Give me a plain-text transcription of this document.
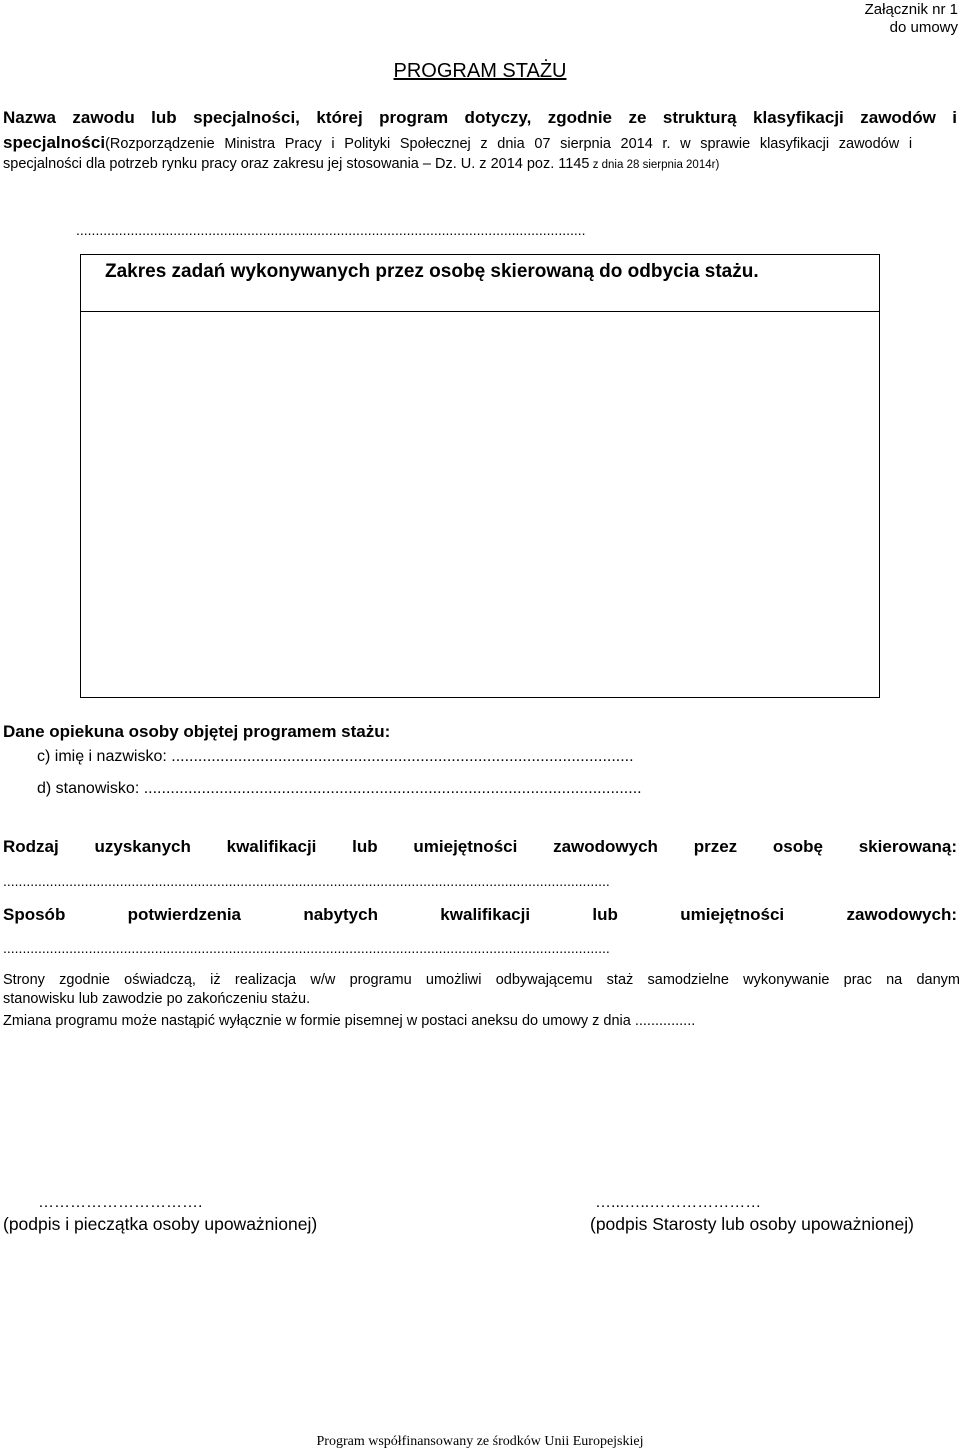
Załącznik nr 1
do umowy
PROGRAM STAŻU
Nazwa zawodu lub specjalności, której program dotyczy, zgodnie ze strukturą klasyfikacji zawodów i
specjalności(Rozporządzenie Ministra Pracy i Polityki Społecznej z dnia 07 sierpnia 2014 r. w sprawie klasyfikacji zawodów i
specjalności dla potrzeb rynku pracy oraz zakresu jej stosowania – Dz. U. z 2014 poz. 1145 z dnia 28 sierpnia 2014r)
...................................................................................................................................
Zakres zadań wykonywanych przez osobę skierowaną do odbycia stażu.
Dane opiekuna osoby objętej programem stażu:
c) imię i nazwisko: ........................................................................................................
d) stanowisko: ................................................................................................................
Rodzaj uzyskanych kwalifikacji lub umiejętności zawodowych przez osobę skierowaną:
............................................................................................................................................................
Sposób potwierdzenia nabytych kwalifikacji lub umiejętności zawodowych:
............................................................................................................................................................
Strony zgodnie oświadczą, iż realizacja w/w programu umożliwi odbywającemu staż samodzielne wykonywanie prac na danym
stanowisku lub zawodzie po zakończeniu stażu.
Zmiana programu może nastąpić wyłącznie w formie pisemnej w postaci aneksu do umowy z dnia ...............
………………………….
(podpis i pieczątka osoby upoważnionej)
…...…..…………………
(podpis Starosty lub osoby upoważnionej)
Program współfinansowany ze środków Unii Europejskiej
